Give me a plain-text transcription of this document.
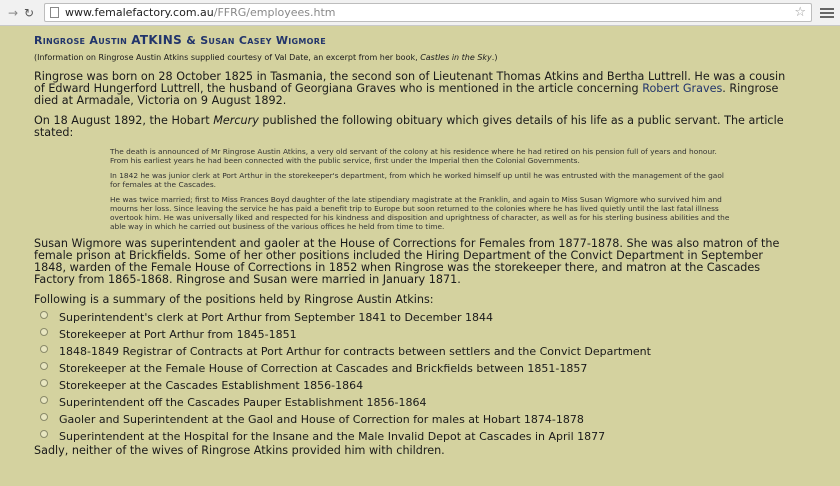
→ ↻	www.femalefactory.com.au /FFRG/employees.htm	☆
Ringrose Austin ATKINS & Susan Casey Wigmore
(Information on Ringrose Austin Atkins supplied courtesy of Val Date, an excerpt from her book, Castles in the Sky.)

Ringrose was born on 28 October 1825 in Tasmania, the second son of Lieutenant Thomas Atkins and Bertha Luttrell. He was a cousin of Edward Hungerford Luttrell, the husband of Georgiana Graves who is mentioned in the article concerning Robert Graves. Ringrose died at Armadale, Victoria on 9 August 1892.

On 18 August 1892, the Hobart Mercury published the following obituary which gives details of his life as a public servant. The article stated:

The death is announced of Mr Ringrose Austin Atkins, a very old servant of the colony at his residence where he had retired on his pension full of years and honour. From his earliest years he had been connected with the public service, first under the Imperial then the Colonial Governments.

In 1842 he was junior clerk at Port Arthur in the storekeeper's department, from which he worked himself up until he was entrusted with the management of the gaol for females at the Cascades.

He was twice married; first to Miss Frances Boyd daughter of the late stipendiary magistrate at the Franklin, and again to Miss Susan Wigmore who survived him and mourns her loss. Since leaving the service he has paid a benefit trip to Europe but soon returned to the colonies where he has lived quietly until the last fatal illness overtook him. He was universally liked and respected for his kindness and disposition and uprightness of character, as well as for his sterling business abilities and the able way in which he carried out business of the various offices he held from time to time.

Susan Wigmore was superintendent and gaoler at the House of Corrections for Females from 1877-1878. She was also matron of the female prison at Brickfields. Some of her other positions included the Hiring Department of the Convict Department in September 1848, warden of the Female House of Corrections in 1852 when Ringrose was the storekeeper there, and matron at the Cascades Factory from 1865-1868. Ringrose and Susan were married in January 1871.

Following is a summary of the positions held by Ringrose Austin Atkins:

Superintendent's clerk at Port Arthur from September 1841 to December 1844
Storekeeper at Port Arthur from 1845-1851
1848-1849 Registrar of Contracts at Port Arthur for contracts between settlers and the Convict Department
Storekeeper at the Female House of Correction at Cascades and Brickfields between 1851-1857
Storekeeper at the Cascades Establishment 1856-1864
Superintendent off the Cascades Pauper Establishment 1856-1864
Gaoler and Superintendent at the Gaol and House of Correction for males at Hobart 1874-1878
Superintendent at the Hospital for the Insane and the Male Invalid Depot at Cascades in April 1877

Sadly, neither of the wives of Ringrose Atkins provided him with children.
